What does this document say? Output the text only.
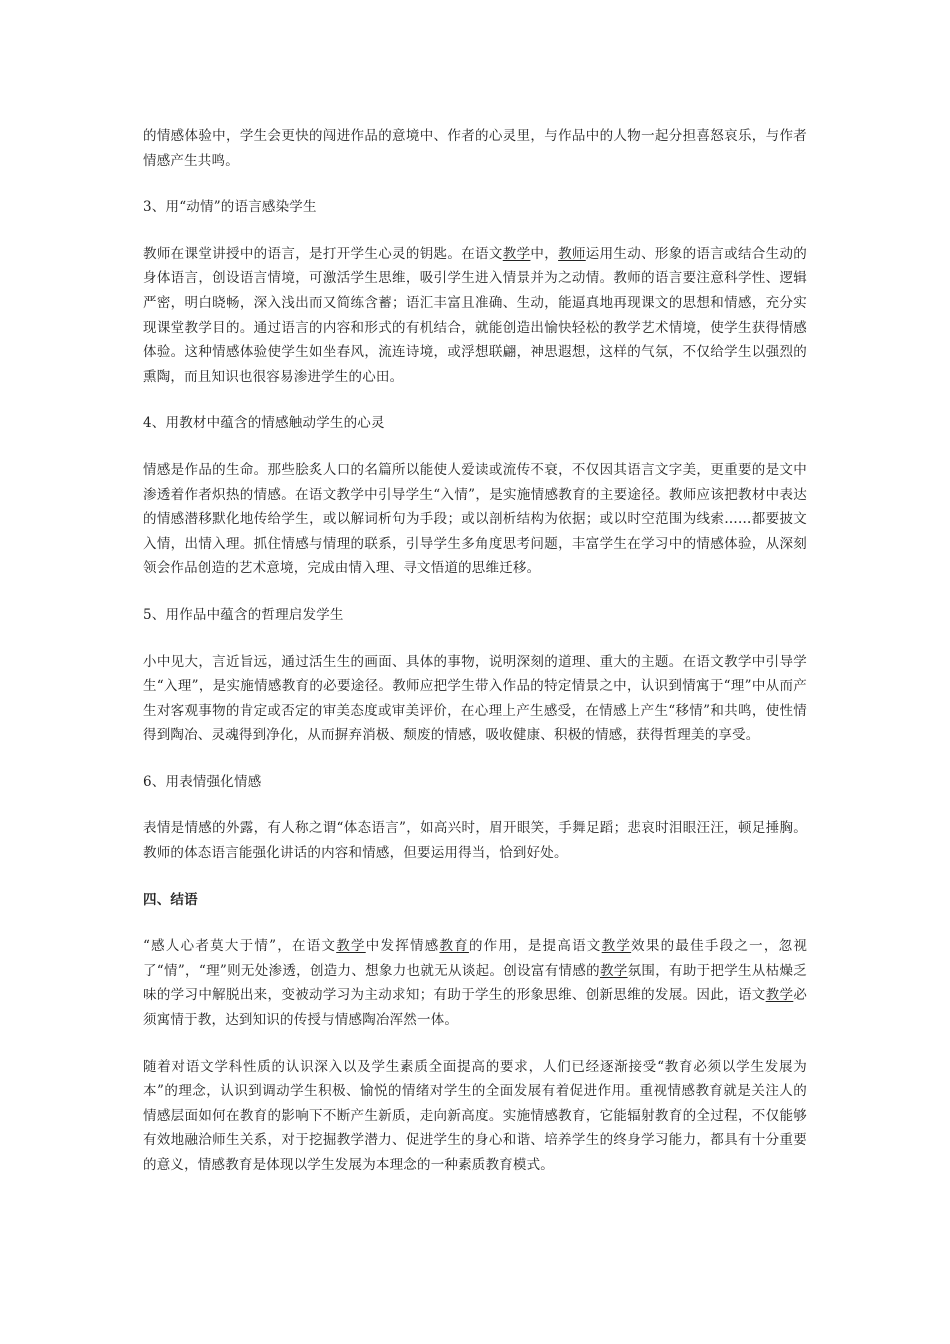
的情感体验中，学生会更快的闯进作品的意境中、作者的心灵里，与作品中的人物一起分担喜怒哀乐，与作者情感产生共鸣。

3、用“动情”的语言感染学生

教师在课堂讲授中的语言，是打开学生心灵的钥匙。在语文教学中，教师运用生动、形象的语言或结合生动的身体语言，创设语言情境，可激活学生思维，吸引学生进入情景并为之动情。教师的语言要注意科学性、逻辑严密，明白晓畅，深入浅出而又简练含蓄；语汇丰富且准确、生动，能逼真地再现课文的思想和情感，充分实现课堂教学目的。通过语言的内容和形式的有机结合，就能创造出愉快轻松的教学艺术情境，使学生获得情感体验。这种情感体验使学生如坐春风，流连诗境，或浮想联翩，神思遐想，这样的气氛，不仅给学生以强烈的熏陶，而且知识也很容易渗进学生的心田。

4、用教材中蕴含的情感触动学生的心灵

情感是作品的生命。那些脍炙人口的名篇所以能使人爱读或流传不衰，不仅因其语言文字美，更重要的是文中渗透着作者炽热的情感。在语文教学中引导学生“入情”，是实施情感教育的主要途径。教师应该把教材中表达的情感潜移默化地传给学生，或以解词析句为手段；或以剖析结构为依据；或以时空范围为线索……都要披文入情，出情入理。抓住情感与情理的联系，引导学生多角度思考问题，丰富学生在学习中的情感体验，从深刻领会作品创造的艺术意境，完成由情入理、寻文悟道的思维迁移。

5、用作品中蕴含的哲理启发学生

小中见大，言近旨远，通过活生生的画面、具体的事物，说明深刻的道理、重大的主题。在语文教学中引导学生“入理”，是实施情感教育的必要途径。教师应把学生带入作品的特定情景之中，认识到情寓于“理”中从而产生对客观事物的肯定或否定的审美态度或审美评价，在心理上产生感受，在情感上产生“移情”和共鸣，使性情得到陶冶、灵魂得到净化，从而摒弃消极、颓废的情感，吸收健康、积极的情感，获得哲理美的享受。

6、用表情强化情感

表情是情感的外露，有人称之谓“体态语言”，如高兴时，眉开眼笑，手舞足蹈；悲哀时泪眼汪汪，顿足捶胸。教师的体态语言能强化讲话的内容和情感，但要运用得当，恰到好处。

四、结语

“感人心者莫大于情”，在语文教学中发挥情感教育的作用，是提高语文教学效果的最佳手段之一，忽视了“情”，“理”则无处渗透，创造力、想象力也就无从谈起。创设富有情感的教学氛围，有助于把学生从枯燥乏味的学习中解脱出来，变被动学习为主动求知；有助于学生的形象思维、创新思维的发展。因此，语文教学必须寓情于教，达到知识的传授与情感陶冶浑然一体。

随着对语文学科性质的认识深入以及学生素质全面提高的要求，人们已经逐渐接受“教育必须以学生发展为本”的理念，认识到调动学生积极、愉悦的情绪对学生的全面发展有着促进作用。重视情感教育就是关注人的情感层面如何在教育的影响下不断产生新质，走向新高度。实施情感教育，它能辐射教育的全过程，不仅能够有效地融洽师生关系，对于挖掘教学潜力、促进学生的身心和谐、培养学生的终身学习能力，都具有十分重要的意义，情感教育是体现以学生发展为本理念的一种素质教育模式。
